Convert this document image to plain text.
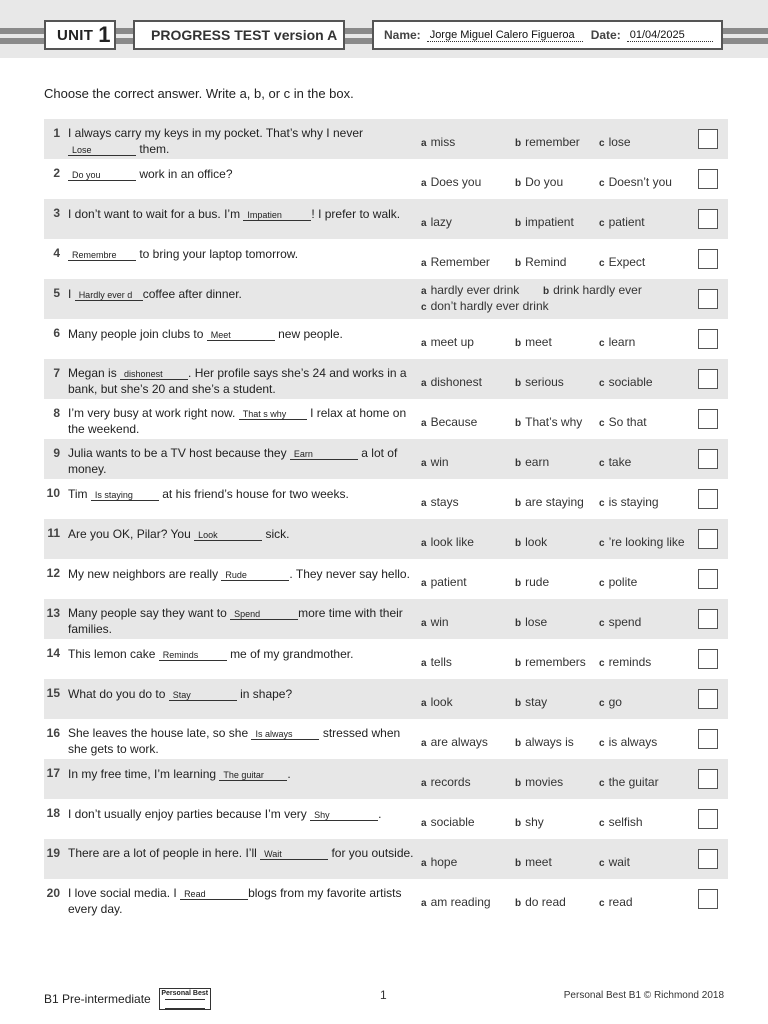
UNIT 1	PROGRESS TEST version A	Name: Jorge Miguel Calero Figueroa	Date: 01/04/2025
Choose the correct answer. Write a, b, or c in the box.
1 I always carry my keys in my pocket. That’s why I never Lose	them.	a miss	b remember c lose
2	Do you	work in an office?
a Does you	b Do you	c Doesn’t you
3 I don’t want to wait for a bus. I’m Impatien ! I prefer to walk.
a lazy	b impatient	c patient
4	Remembre to bring your laptop tomorrow.
a Remember	b Remind	c Expect
5 I Hardly ever d coffee after dinner.	a hardly ever drink b drink hardly ever
c don’t hardly ever drink
6 Many people join clubs to Meet	new people.
a meet up	b meet	c learn
7 Megan is dishonest . Her profile says she’s 24 and works in a bank, but she’s 20 and she’s a student.	a dishonest	b serious	c sociable
8 I’m very busy at work right now. That s why I relax at home on the weekend.	a Because	b That’s why c So that
9 Julia wants to be a TV host because they Earn	a lot of money.	a win	b earn	c take
10 Tim Is staying at his friend’s house for two weeks.
a stays	b are staying c is staying
11 Are you OK, Pilar? You Look	sick.
a look like	b look	c ’re looking like
12 My new neighbors are really Rude	. They never say hello.
a patient	b rude	c polite
13 Many people say they want to Spend	more time with their families.	a win	b lose	c spend
14 This lemon cake Reminds	me of my grandmother.
a tells	b remembers c reminds
15 What do you do to Stay	in shape?
a look	b stay	c go
16 She leaves the house late, so she Is always	stressed when she gets to work.	a are always	b always is	c is always
17 In my free time, I’m learning The guitar .
a records	b movies	c the guitar
18 I don’t usually enjoy parties because I’m very Shy	.
a sociable	b shy	c selfish
19 There are a lot of people in here. I’ll Wait	for you outside.
a hope	b meet	c wait
20 I love social media. I Read	blogs from my favorite artists every day.	a am reading b do read	c read
B1 Pre-intermediate Personal Best	1	Personal Best B1 © Richmond 2018
